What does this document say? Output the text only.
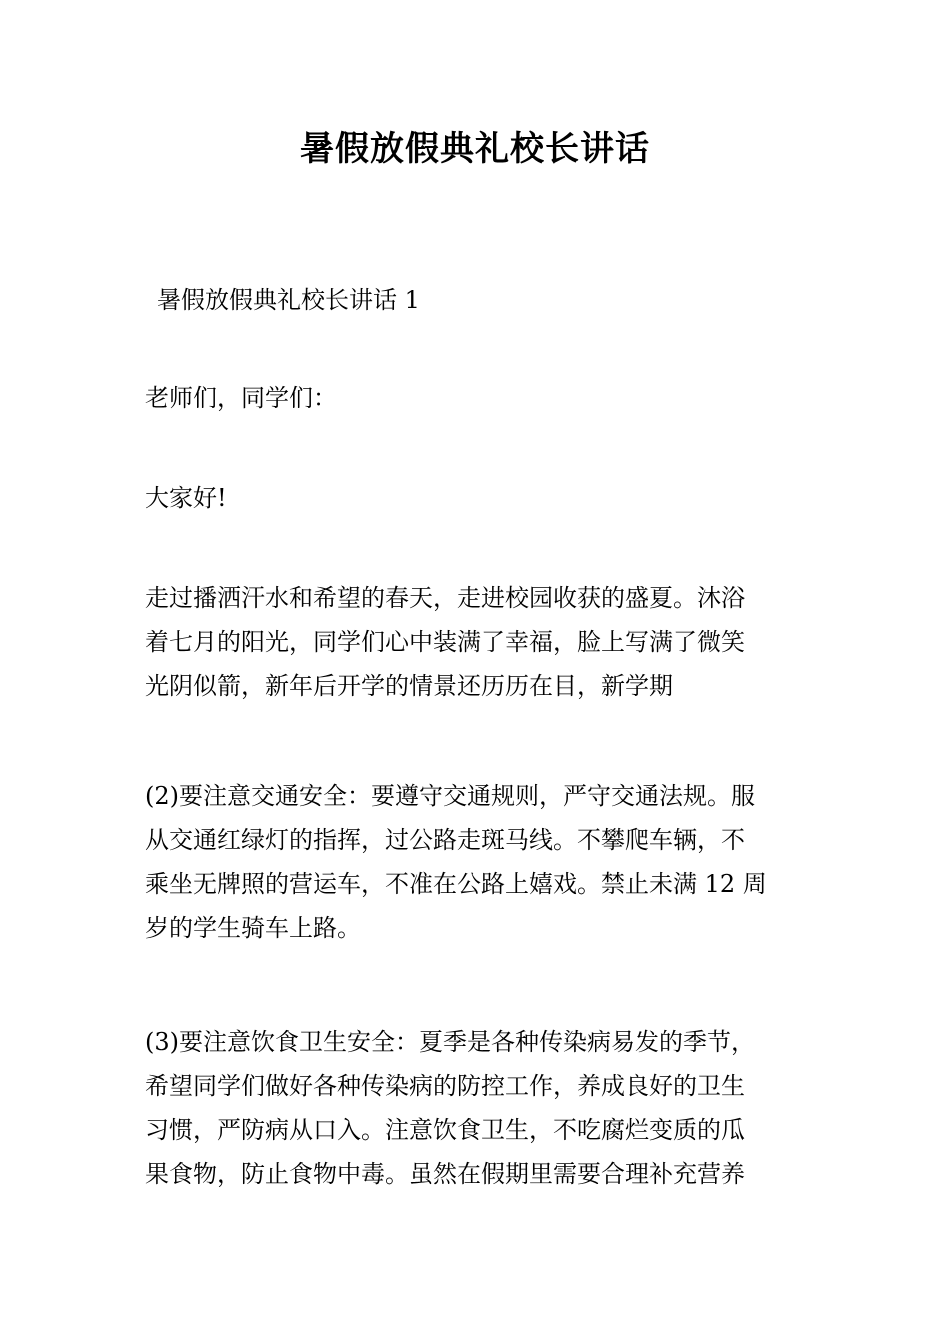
暑假放假典礼校长讲话

暑假放假典礼校长讲话 1

老师们，同学们：

大家好!

走过播洒汗水和希望的春天，走进校园收获的盛夏。沐浴
着七月的阳光，同学们心中装满了幸福，脸上写满了微笑
光阴似箭，新年后开学的情景还历历在目，新学期

(2)要注意交通安全：要遵守交通规则，严守交通法规。服
从交通红绿灯的指挥，过公路走斑马线。不攀爬车辆，不
乘坐无牌照的营运车，不准在公路上嬉戏。禁止未满 12 周
岁的学生骑车上路。

(3)要注意饮食卫生安全：夏季是各种传染病易发的季节，
希望同学们做好各种传染病的防控工作，养成良好的卫生
习惯，严防病从口入。注意饮食卫生，不吃腐烂变质的瓜
果食物，防止食物中毒。虽然在假期里需要合理补充营养
